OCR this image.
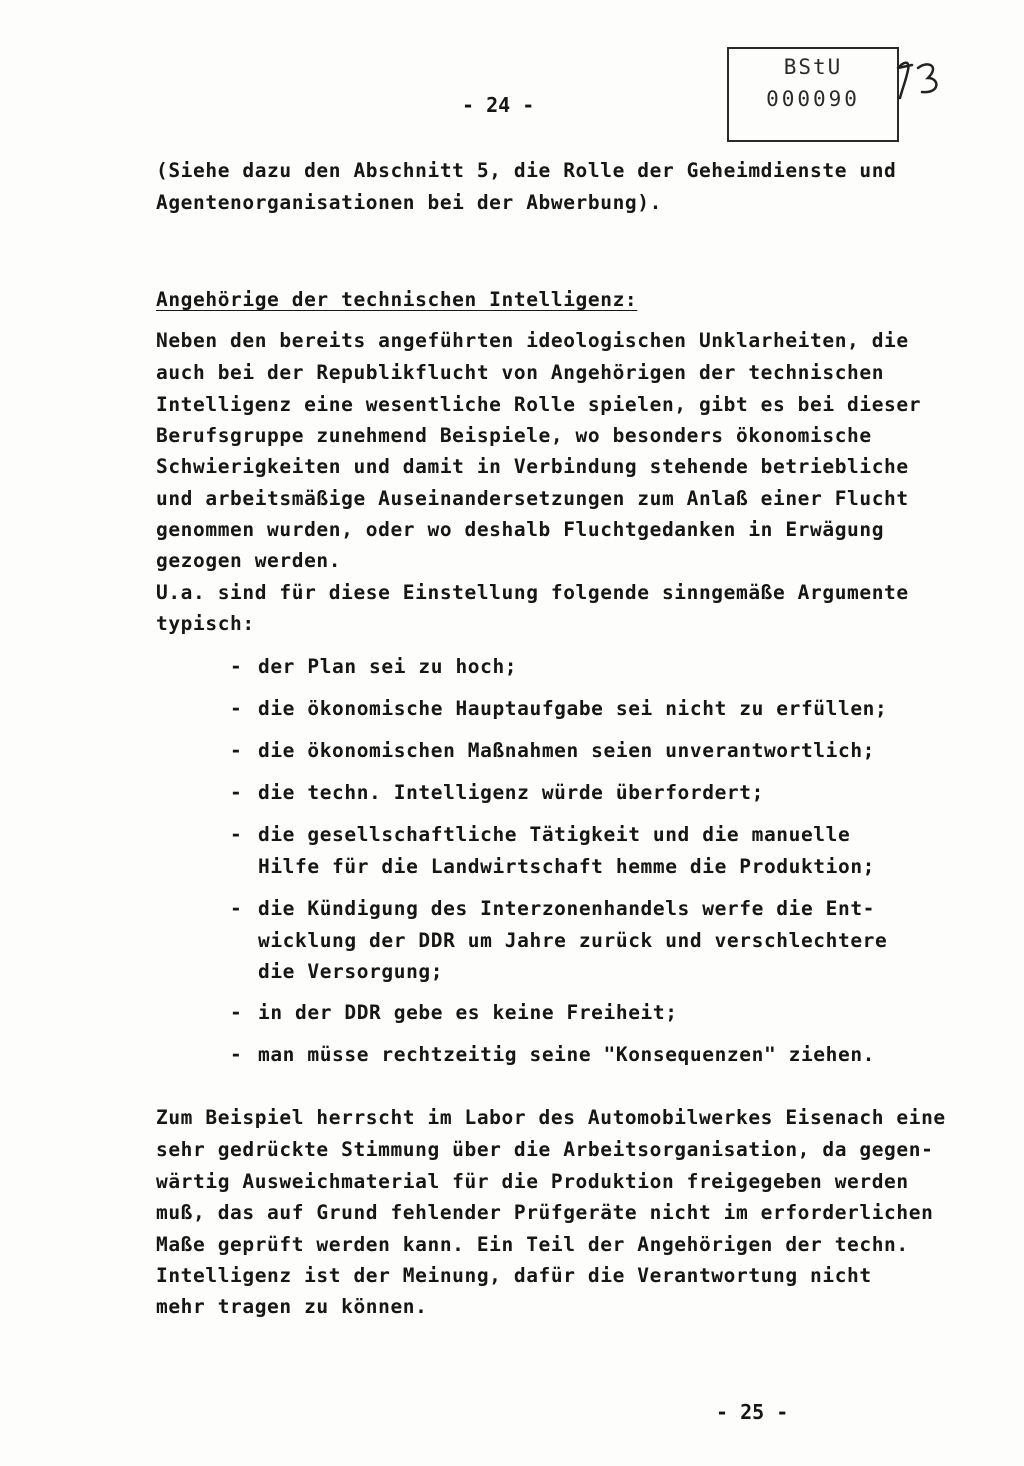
- 24 -
BStU
000090
(Siehe dazu den Abschnitt 5, die Rolle der Geheimdienste und
Agentenorganisationen bei der Abwerbung).
Angehörige der technischen Intelligenz:
Neben den bereits angeführten ideologischen Unklarheiten, die
auch bei der Republikflucht von Angehörigen der technischen
Intelligenz eine wesentliche Rolle spielen, gibt es bei dieser
Berufsgruppe zunehmend Beispiele, wo besonders ökonomische
Schwierigkeiten und damit in Verbindung stehende betriebliche
und arbeitsmäßige Auseinandersetzungen zum Anlaß einer Flucht
genommen wurden, oder wo deshalb Fluchtgedanken in Erwägung
gezogen werden.
U.a. sind für diese Einstellung folgende sinngemäße Argumente
typisch:
- der Plan sei zu hoch;
- die ökonomische Hauptaufgabe sei nicht zu erfüllen;
- die ökonomischen Maßnahmen seien unverantwortlich;
- die techn. Intelligenz würde überfordert;
- die gesellschaftliche Tätigkeit und die manuelle
Hilfe für die Landwirtschaft hemme die Produktion;
- die Kündigung des Interzonenhandels werfe die Ent-
wicklung der DDR um Jahre zurück und verschlechtere
die Versorgung;
- in der DDR gebe es keine Freiheit;
- man müsse rechtzeitig seine "Konsequenzen" ziehen.
Zum Beispiel herrscht im Labor des Automobilwerkes Eisenach eine
sehr gedrückte Stimmung über die Arbeitsorganisation, da gegen-
wärtig Ausweichmaterial für die Produktion freigegeben werden
muß, das auf Grund fehlender Prüfgeräte nicht im erforderlichen
Maße geprüft werden kann. Ein Teil der Angehörigen der techn.
Intelligenz ist der Meinung, dafür die Verantwortung nicht
mehr tragen zu können.
- 25 -
